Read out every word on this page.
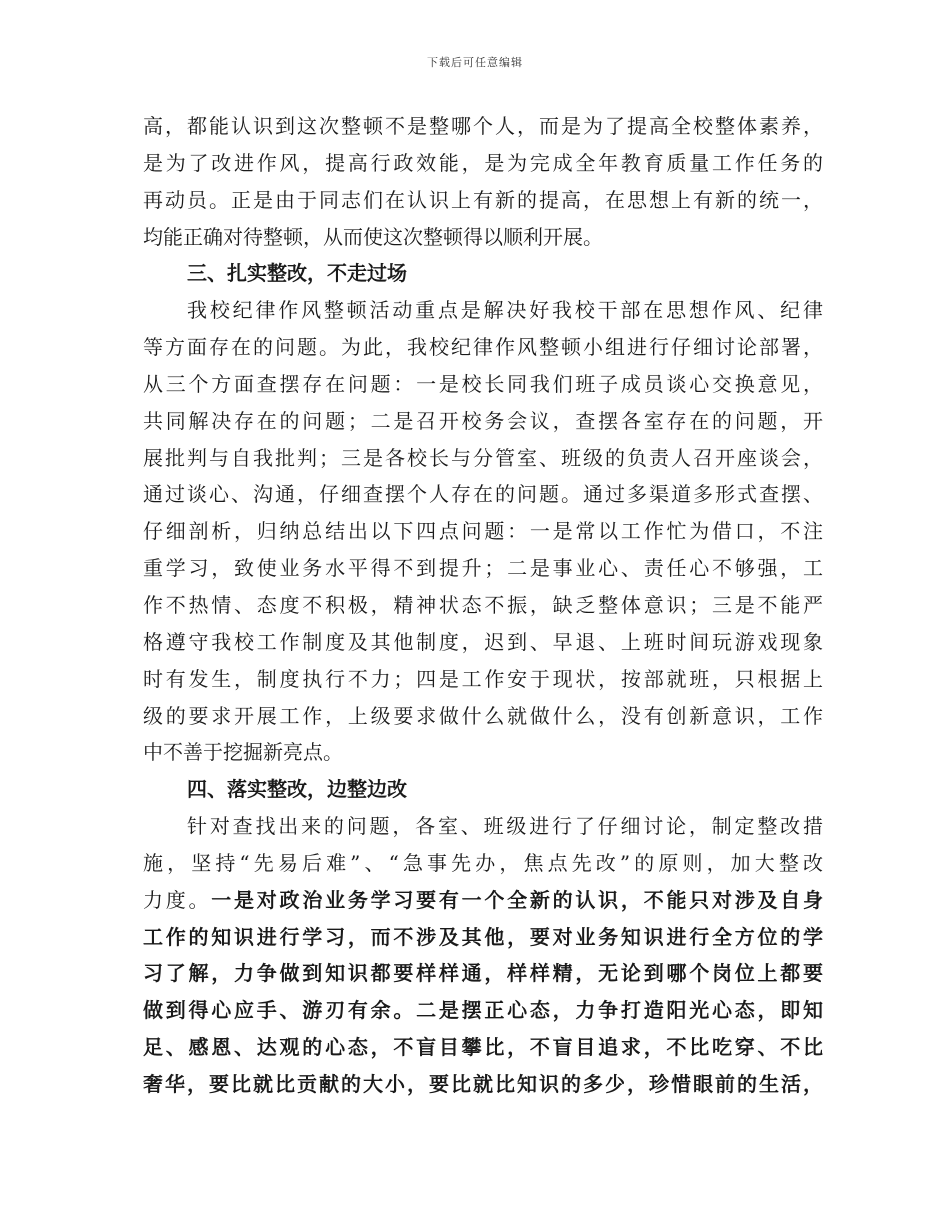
下载后可任意编辑
高，都能认识到这次整顿不是整哪个人，而是为了提高全校整体素养，
是为了改进作风，提高行政效能，是为完成全年教育质量工作任务的
再动员。正是由于同志们在认识上有新的提高，在思想上有新的统一，
均能正确对待整顿，从而使这次整顿得以顺利开展。
三、扎实整改，不走过场
我校纪律作风整顿活动重点是解决好我校干部在思想作风、纪律
等方面存在的问题。为此，我校纪律作风整顿小组进行仔细讨论部署，
从三个方面查摆存在问题：一是校长同我们班子成员谈心交换意见，
共同解决存在的问题；二是召开校务会议，查摆各室存在的问题，开
展批判与自我批判；三是各校长与分管室、班级的负责人召开座谈会，
通过谈心、沟通，仔细查摆个人存在的问题。通过多渠道多形式查摆、
仔细剖析，归纳总结出以下四点问题：一是常以工作忙为借口，不注
重学习，致使业务水平得不到提升；二是事业心、责任心不够强，工
作不热情、态度不积极，精神状态不振，缺乏整体意识；三是不能严
格遵守我校工作制度及其他制度，迟到、早退、上班时间玩游戏现象
时有发生，制度执行不力；四是工作安于现状，按部就班，只根据上
级的要求开展工作，上级要求做什么就做什么，没有创新意识，工作
中不善于挖掘新亮点。
四、落实整改，边整边改
针对查找出来的问题，各室、班级进行了仔细讨论，制定整改措
施，坚持“先易后难”、“急事先办，焦点先改”的原则，加大整改
力度。一是对政治业务学习要有一个全新的认识，不能只对涉及自身
工作的知识进行学习，而不涉及其他，要对业务知识进行全方位的学
习了解，力争做到知识都要样样通，样样精，无论到哪个岗位上都要
做到得心应手、游刃有余。二是摆正心态，力争打造阳光心态，即知
足、感恩、达观的心态，不盲目攀比，不盲目追求，不比吃穿、不比
奢华，要比就比贡献的大小，要比就比知识的多少，珍惜眼前的生活，
